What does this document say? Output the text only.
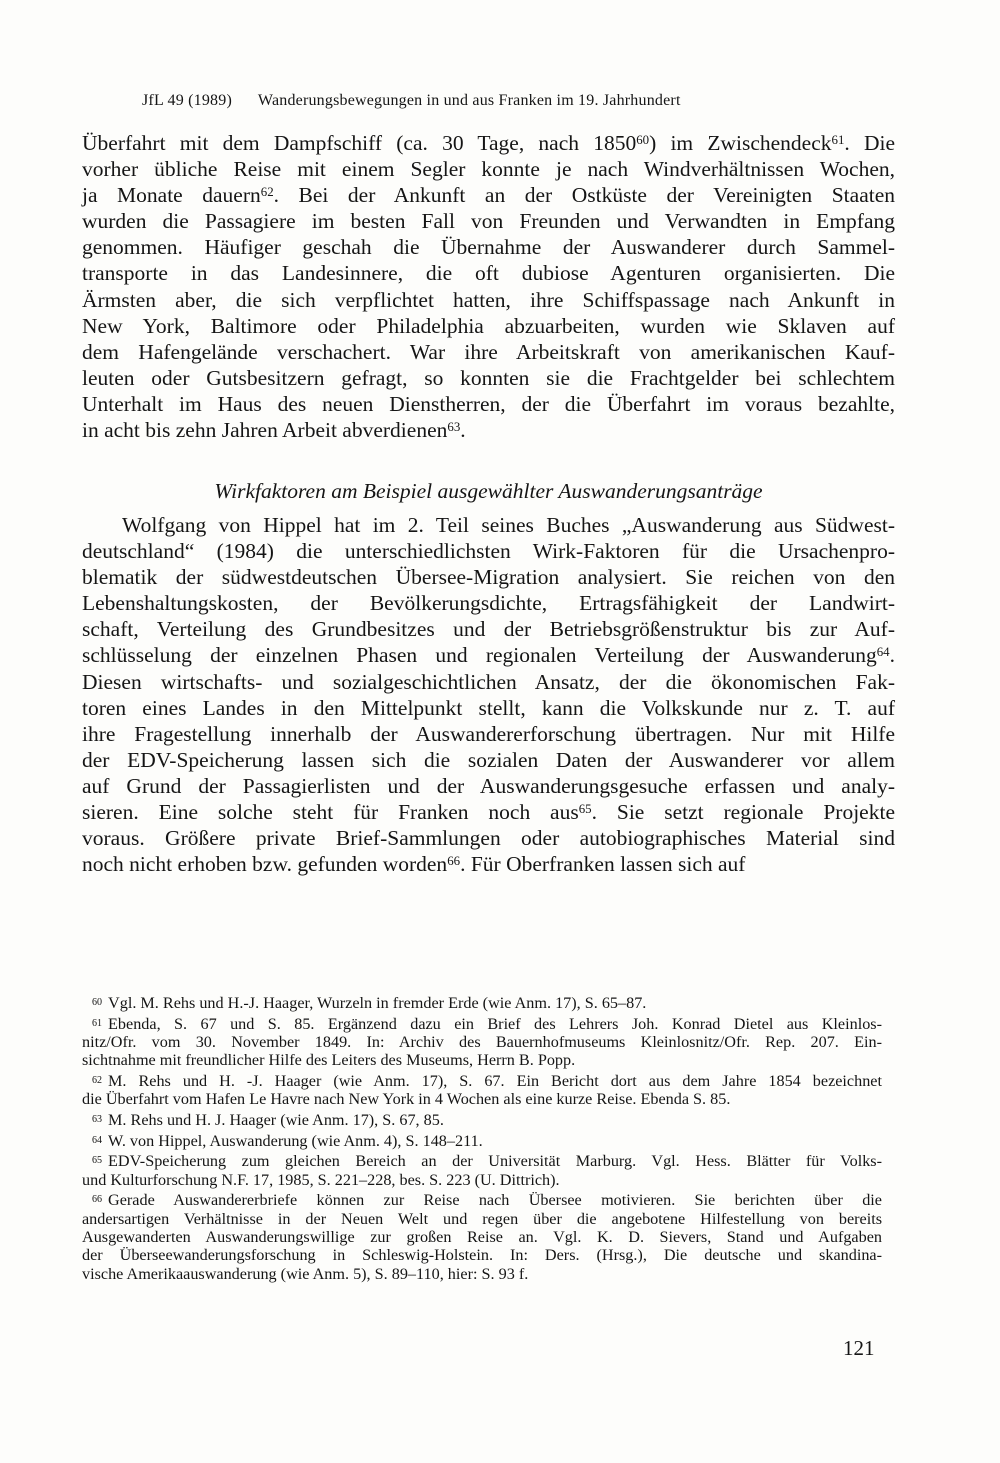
JfL 49 (1989) Wanderungsbewegungen in und aus Franken im 19. Jahrhundert
Überfahrt mit dem Dampfschiff (ca. 30 Tage, nach 1850$^{60}$) im Zwischendeck$^{61}$. Die
vorher übliche Reise mit einem Segler konnte je nach Windverhältnissen Wochen,
ja Monate dauern$^{62}$. Bei der Ankunft an der Ostküste der Vereinigten Staaten
wurden die Passagiere im besten Fall von Freunden und Verwandten in Empfang
genommen. Häufiger geschah die Übernahme der Auswanderer durch Sammel-
transporte in das Landesinnere, die oft dubiose Agenturen organisierten. Die
Ärmsten aber, die sich verpflichtet hatten, ihre Schiffspassage nach Ankunft in
New York, Baltimore oder Philadelphia abzuarbeiten, wurden wie Sklaven auf
dem Hafengelände verschachert. War ihre Arbeitskraft von amerikanischen Kauf-
leuten oder Gutsbesitzern gefragt, so konnten sie die Frachtgelder bei schlechtem
Unterhalt im Haus des neuen Dienstherren, der die Überfahrt im voraus bezahlte,
in acht bis zehn Jahren Arbeit abverdienen$^{63}$.
Wirkfaktoren am Beispiel ausgewählter Auswanderungsanträge
Wolfgang von Hippel hat im 2. Teil seines Buches „Auswanderung aus Südwest-
deutschland“ (1984) die unterschiedlichsten Wirk-Faktoren für die Ursachenpro-
blematik der südwestdeutschen Übersee-Migration analysiert. Sie reichen von den
Lebenshaltungskosten, der Bevölkerungsdichte, Ertragsfähigkeit der Landwirt-
schaft, Verteilung des Grundbesitzes und der Betriebsgrößenstruktur bis zur Auf-
schlüsselung der einzelnen Phasen und regionalen Verteilung der Auswanderung$^{64}$.
Diesen wirtschafts- und sozialgeschichtlichen Ansatz, der die ökonomischen Fak-
toren eines Landes in den Mittelpunkt stellt, kann die Volkskunde nur z. T. auf
ihre Fragestellung innerhalb der Auswandererforschung übertragen. Nur mit Hilfe
der EDV-Speicherung lassen sich die sozialen Daten der Auswanderer vor allem
auf Grund der Passagierlisten und der Auswanderungsgesuche erfassen und analy-
sieren. Eine solche steht für Franken noch aus$^{65}$. Sie setzt regionale Projekte
voraus. Größere private Brief-Sammlungen oder autobiographisches Material sind
noch nicht erhoben bzw. gefunden worden$^{66}$. Für Oberfranken lassen sich auf
60 Vgl. M. Rehs und H.-J. Haager, Wurzeln in fremder Erde (wie Anm. 17), S. 65–87.
61 Ebenda, S. 67 und S. 85. Ergänzend dazu ein Brief des Lehrers Joh. Konrad Dietel aus Kleinlos-
nitz/Ofr. vom 30. November 1849. In: Archiv des Bauernhofmuseums Kleinlosnitz/Ofr. Rep. 207. Ein-
sichtnahme mit freundlicher Hilfe des Leiters des Museums, Herrn B. Popp.
62 M. Rehs und H. -J. Haager (wie Anm. 17), S. 67. Ein Bericht dort aus dem Jahre 1854 bezeichnet
die Überfahrt vom Hafen Le Havre nach New York in 4 Wochen als eine kurze Reise. Ebenda S. 85.
63 M. Rehs und H. J. Haager (wie Anm. 17), S. 67, 85.
64 W. von Hippel, Auswanderung (wie Anm. 4), S. 148–211.
65 EDV-Speicherung zum gleichen Bereich an der Universität Marburg. Vgl. Hess. Blätter für Volks-
und Kulturforschung N.F. 17, 1985, S. 221–228, bes. S. 223 (U. Dittrich).
66 Gerade Auswandererbriefe können zur Reise nach Übersee motivieren. Sie berichten über die
andersartigen Verhältnisse in der Neuen Welt und regen über die angebotene Hilfestellung von bereits
Ausgewanderten Auswanderungswillige zur großen Reise an. Vgl. K. D. Sievers, Stand und Aufgaben
der Überseewanderungsforschung in Schleswig-Holstein. In: Ders. (Hrsg.), Die deutsche und skandina-
vische Amerikaauswanderung (wie Anm. 5), S. 89–110, hier: S. 93 f.
121
